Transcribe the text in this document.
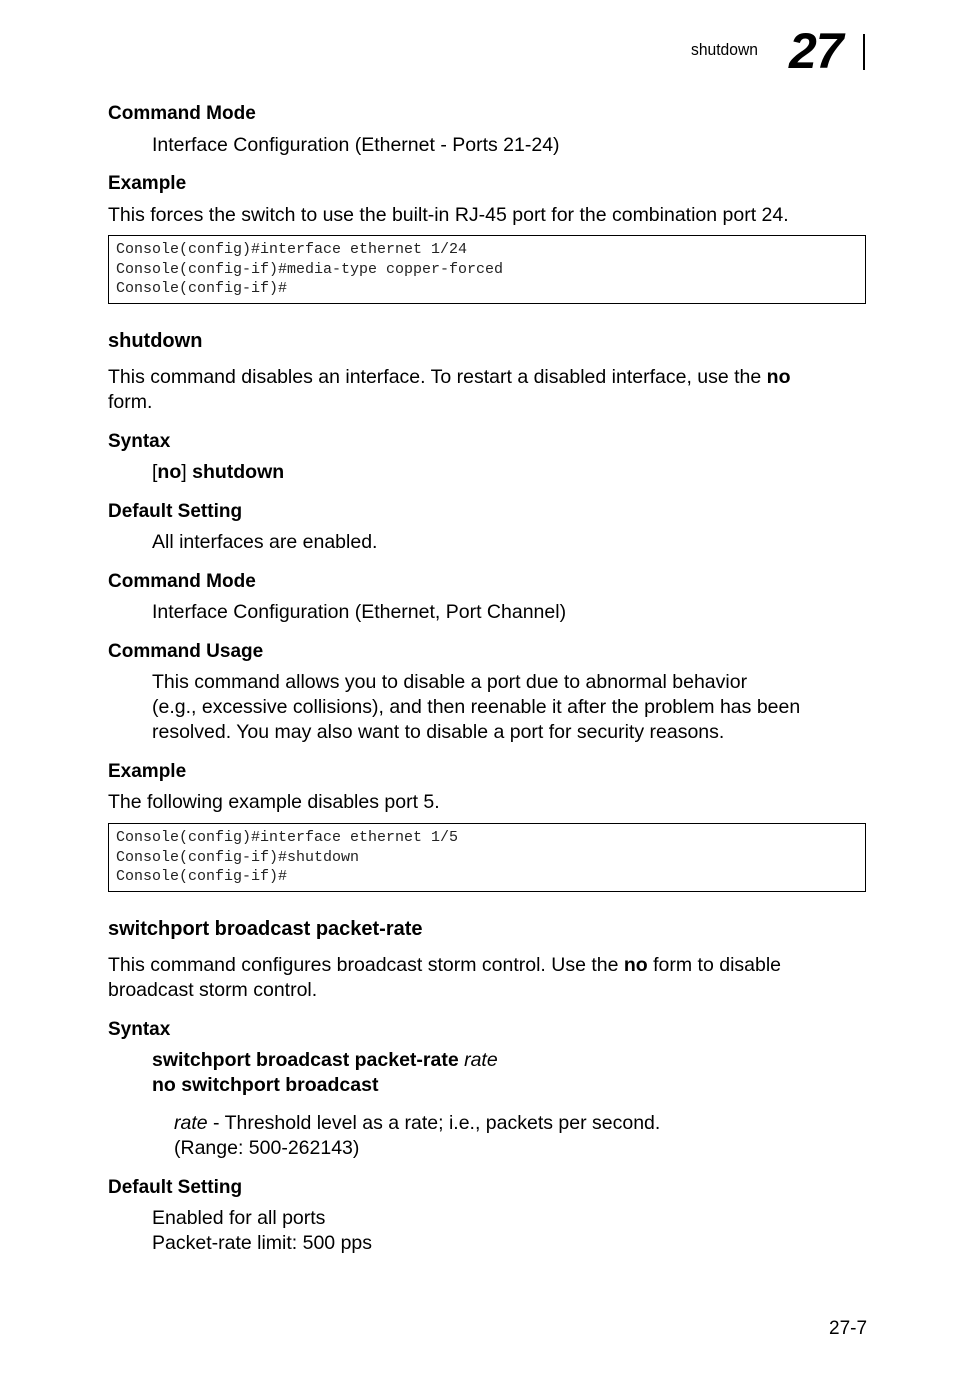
shutdown 27
Command Mode
Interface Configuration (Ethernet - Ports 21-24)
Example
This forces the switch to use the built-in RJ-45 port for the combination port 24.
Console(config)#interface ethernet 1/24
Console(config-if)#media-type copper-forced
Console(config-if)#
shutdown
This command disables an interface. To restart a disabled interface, use the no
form.
Syntax
[no] shutdown
Default Setting
All interfaces are enabled.
Command Mode
Interface Configuration (Ethernet, Port Channel)
Command Usage
This command allows you to disable a port due to abnormal behavior
(e.g., excessive collisions), and then reenable it after the problem has been
resolved. You may also want to disable a port for security reasons.
Example
The following example disables port 5.
Console(config)#interface ethernet 1/5
Console(config-if)#shutdown
Console(config-if)#
switchport broadcast packet-rate
This command configures broadcast storm control. Use the no form to disable
broadcast storm control.
Syntax
switchport broadcast packet-rate rate
no switchport broadcast
rate - Threshold level as a rate; i.e., packets per second.
(Range: 500-262143)
Default Setting
Enabled for all ports
Packet-rate limit: 500 pps
27-7
